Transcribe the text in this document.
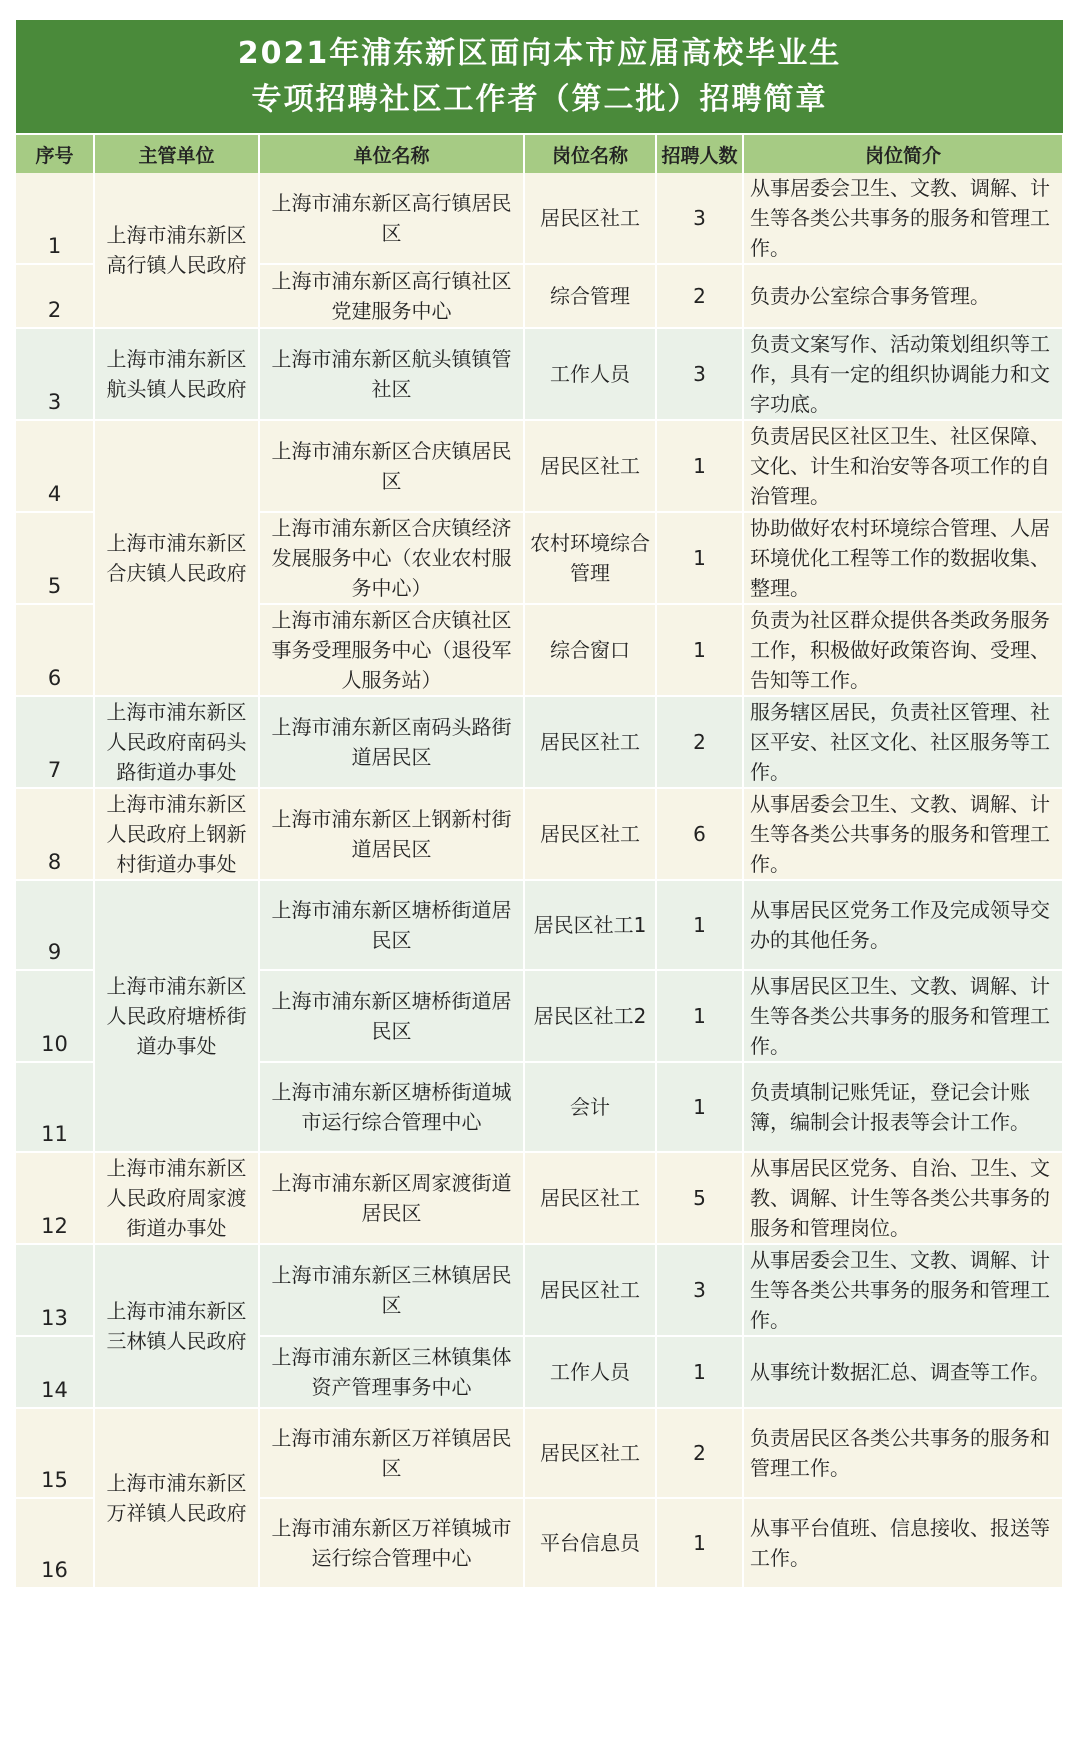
2021年浦东新区面向本市应届高校毕业生
专项招聘社区工作者（第二批）招聘简章
序号	主管单位	单位名称	岗位名称	招聘人数	岗位简介
1	上海市浦东新区高行镇人民政府	上海市浦东新区高行镇居民区	居民区社工	3	从事居委会卫生、文教、调解、计生等各类公共事务的服务和管理工作。
2		上海市浦东新区高行镇社区党建服务中心	综合管理	2	负责办公室综合事务管理。
3	上海市浦东新区航头镇人民政府	上海市浦东新区航头镇镇管社区	工作人员	3	负责文案写作、活动策划组织等工作，具有一定的组织协调能力和文字功底。
4	上海市浦东新区合庆镇人民政府	上海市浦东新区合庆镇居民区	居民区社工	1	负责居民区社区卫生、社区保障、文化、计生和治安等各项工作的自治管理。
5		上海市浦东新区合庆镇经济发展服务中心（农业农村服务中心）	农村环境综合管理	1	协助做好农村环境综合管理、人居环境优化工程等工作的数据收集、整理。
6		上海市浦东新区合庆镇社区事务受理服务中心（退役军人服务站）	综合窗口	1	负责为社区群众提供各类政务服务工作，积极做好政策咨询、受理、告知等工作。
7	上海市浦东新区人民政府南码头路街道办事处	上海市浦东新区南码头路街道居民区	居民区社工	2	服务辖区居民，负责社区管理、社区平安、社区文化、社区服务等工作。
8	上海市浦东新区人民政府上钢新村街道办事处	上海市浦东新区上钢新村街道居民区	居民区社工	6	从事居委会卫生、文教、调解、计生等各类公共事务的服务和管理工作。
9	上海市浦东新区人民政府塘桥街道办事处	上海市浦东新区塘桥街道居民区	居民区社工1	1	从事居民区党务工作及完成领导交办的其他任务。
10		上海市浦东新区塘桥街道居民区	居民区社工2	1	从事居民区卫生、文教、调解、计生等各类公共事务的服务和管理工作。
11		上海市浦东新区塘桥街道城市运行综合管理中心	会计	1	负责填制记账凭证，登记会计账簿，编制会计报表等会计工作。
12	上海市浦东新区人民政府周家渡街道办事处	上海市浦东新区周家渡街道居民区	居民区社工	5	从事居民区党务、自治、卫生、文教、调解、计生等各类公共事务的服务和管理岗位。
13	上海市浦东新区三林镇人民政府	上海市浦东新区三林镇居民区	居民区社工	3	从事居委会卫生、文教、调解、计生等各类公共事务的服务和管理工作。
14		上海市浦东新区三林镇集体资产管理事务中心	工作人员	1	从事统计数据汇总、调查等工作。
15	上海市浦东新区万祥镇人民政府	上海市浦东新区万祥镇居民区	居民区社工	2	负责居民区各类公共事务的服务和管理工作。
16		上海市浦东新区万祥镇城市运行综合管理中心	平台信息员	1	从事平台值班、信息接收、报送等工作。
